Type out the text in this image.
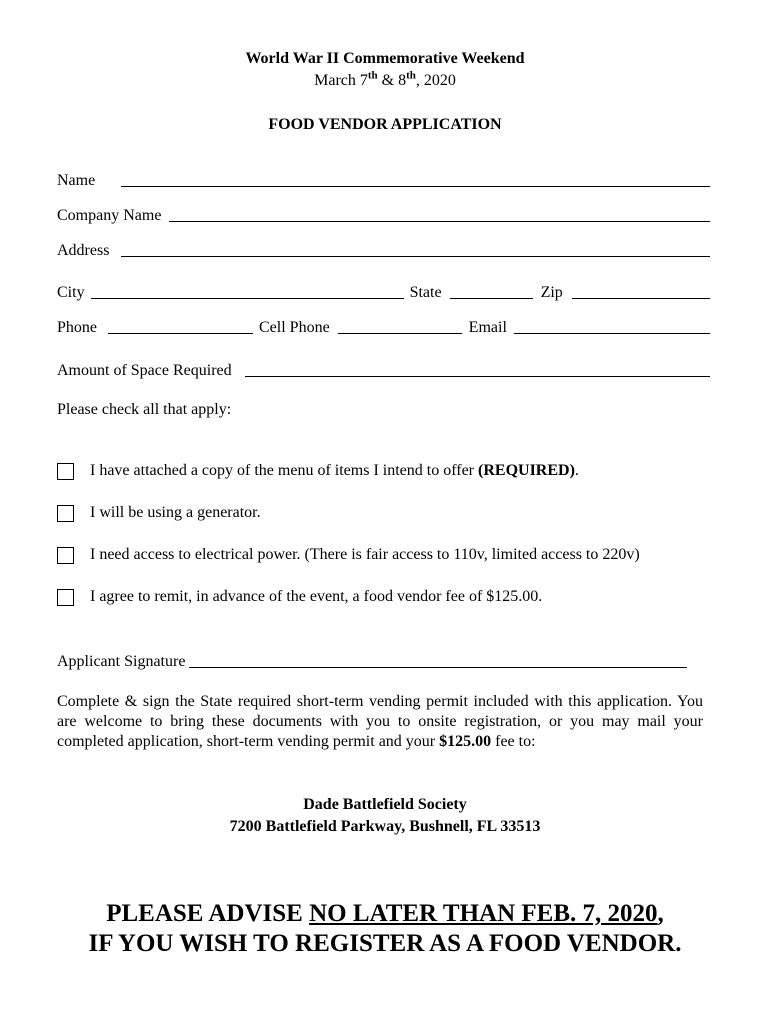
World War II Commemorative Weekend
March 7th & 8th, 2020
FOOD VENDOR APPLICATION
Name
Company Name
Address
City	State	Zip
Phone	Cell Phone	Email
Amount of Space Required
Please check all that apply:
I have attached a copy of the menu of items I intend to offer (REQUIRED).
I will be using a generator.
I need access to electrical power. (There is fair access to 110v, limited access to 220v)
I agree to remit, in advance of the event, a food vendor fee of $125.00.
Applicant Signature
Complete & sign the State required short-term vending permit included with this application. You are welcome to bring these documents with you to onsite registration, or you may mail your completed application, short-term vending permit and your $125.00 fee to:
Dade Battlefield Society
7200 Battlefield Parkway, Bushnell, FL 33513
PLEASE ADVISE NO LATER THAN FEB. 7, 2020,
IF YOU WISH TO REGISTER AS A FOOD VENDOR.
